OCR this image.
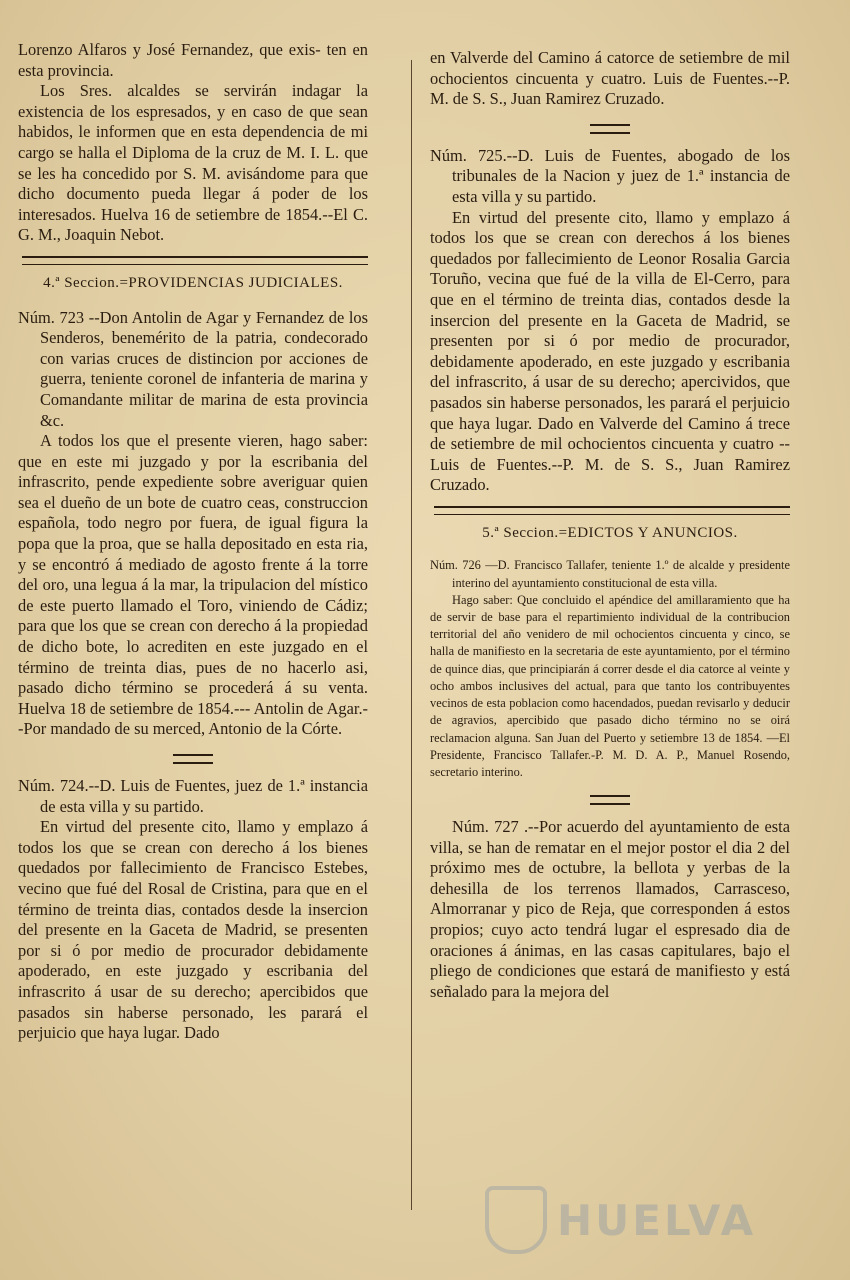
Lorenzo Alfaros y José Fernandez, que exis- ten en esta provincia.

Los Sres. alcaldes se servirán indagar la existencia de los espresados, y en caso de que sean habidos, le informen que en esta dependencia de mi cargo se halla el Diploma de la cruz de M. I. L. que se les ha concedido por S. M. avisándome para que dicho documento pueda llegar á poder de los interesados. Huelva 16 de setiembre de 1854.--El C. G. M., Joaquin Nebot.

4.ª Seccion.=PROVIDENCIAS JUDICIALES.

Núm. 723 --Don Antolin de Agar y Fernandez de los Senderos, benemérito de la patria, condecorado con varias cruces de distincion por acciones de guerra, teniente coronel de infanteria de marina y Comandante militar de marina de esta provincia &c.

A todos los que el presente vieren, hago saber: que en este mi juzgado y por la escribania del infrascrito, pende expediente sobre averiguar quien sea el dueño de un bote de cuatro ceas, construccion española, todo negro por fuera, de igual figura la popa que la proa, que se halla depositado en esta ria, y se encontró á mediado de agosto frente á la torre del oro, una legua á la mar, la tripulacion del místico de este puerto llamado el Toro, viniendo de Cádiz; para que los que se crean con derecho á la propiedad de dicho bote, lo acrediten en este juzgado en el término de treinta dias, pues de no hacerlo asi, pasado dicho término se procederá á su venta. Huelva 18 de setiembre de 1854.--- Antolin de Agar.--Por mandado de su merced, Antonio de la Córte.

Núm. 724.--D. Luis de Fuentes, juez de 1.ª instancia de esta villa y su partido.

En virtud del presente cito, llamo y emplazo á todos los que se crean con derecho á los bienes quedados por fallecimiento de Francisco Estebes, vecino que fué del Rosal de Cristina, para que en el término de treinta dias, contados desde la insercion del presente en la Gaceta de Madrid, se presenten por si ó por medio de procurador debidamente apoderado, en este juzgado y escribania del infrascrito á usar de su derecho; apercibidos que pasados sin haberse personado, les parará el perjuicio que haya lugar. Dado

en Valverde del Camino á catorce de setiembre de mil ochocientos cincuenta y cuatro. Luis de Fuentes.--P. M. de S. S., Juan Ramirez Cruzado.

Núm. 725.--D. Luis de Fuentes, abogado de los tribunales de la Nacion y juez de 1.ª instancia de esta villa y su partido.

En virtud del presente cito, llamo y emplazo á todos los que se crean con derechos á los bienes quedados por fallecimiento de Leonor Rosalia Garcia Toruño, vecina que fué de la villa de El-Cerro, para que en el término de treinta dias, contados desde la insercion del presente en la Gaceta de Madrid, se presenten por si ó por medio de procurador, debidamente apoderado, en este juzgado y escribania del infrascrito, á usar de su derecho; apercividos, que pasados sin haberse personados, les parará el perjuicio que haya lugar. Dado en Valverde del Camino á trece de setiembre de mil ochocientos cincuenta y cuatro --Luis de Fuentes.--P. M. de S. S., Juan Ramirez Cruzado.

5.ª Seccion.=EDICTOS Y ANUNCIOS.

Núm. 726 —D. Francisco Tallafer, teniente 1.º de alcalde y presidente interino del ayuntamiento constitucional de esta villa.

Hago saber: Que concluido el apéndice del amillaramiento que ha de servir de base para el repartimiento individual de la contribucion territorial del año venidero de mil ochocientos cincuenta y cinco, se halla de manifiesto en la secretaria de este ayuntamiento, por el término de quince dias, que principiarán á correr desde el dia catorce al veinte y ocho ambos inclusives del actual, para que tanto los contribuyentes vecinos de esta poblacion como hacendados, puedan revisarlo y deducir de agravios, apercibido que pasado dicho término no se oirá reclamacion alguna. San Juan del Puerto y setiembre 13 de 1854. —El Presidente, Francisco Tallafer.-P. M. D. A. P., Manuel Rosendo, secretario interino.

Núm. 727 .--Por acuerdo del ayuntamiento de esta villa, se han de rematar en el mejor postor el dia 2 del próximo mes de octubre, la bellota y yerbas de la dehesilla de los terrenos llamados, Carrasceso, Almorranar y pico de Reja, que corresponden á estos propios; cuyo acto tendrá lugar el espresado dia de oraciones á ánimas, en las casas capitulares, bajo el pliego de condiciones que estará de manifiesto y está señalado para la mejora del

HUELVA
